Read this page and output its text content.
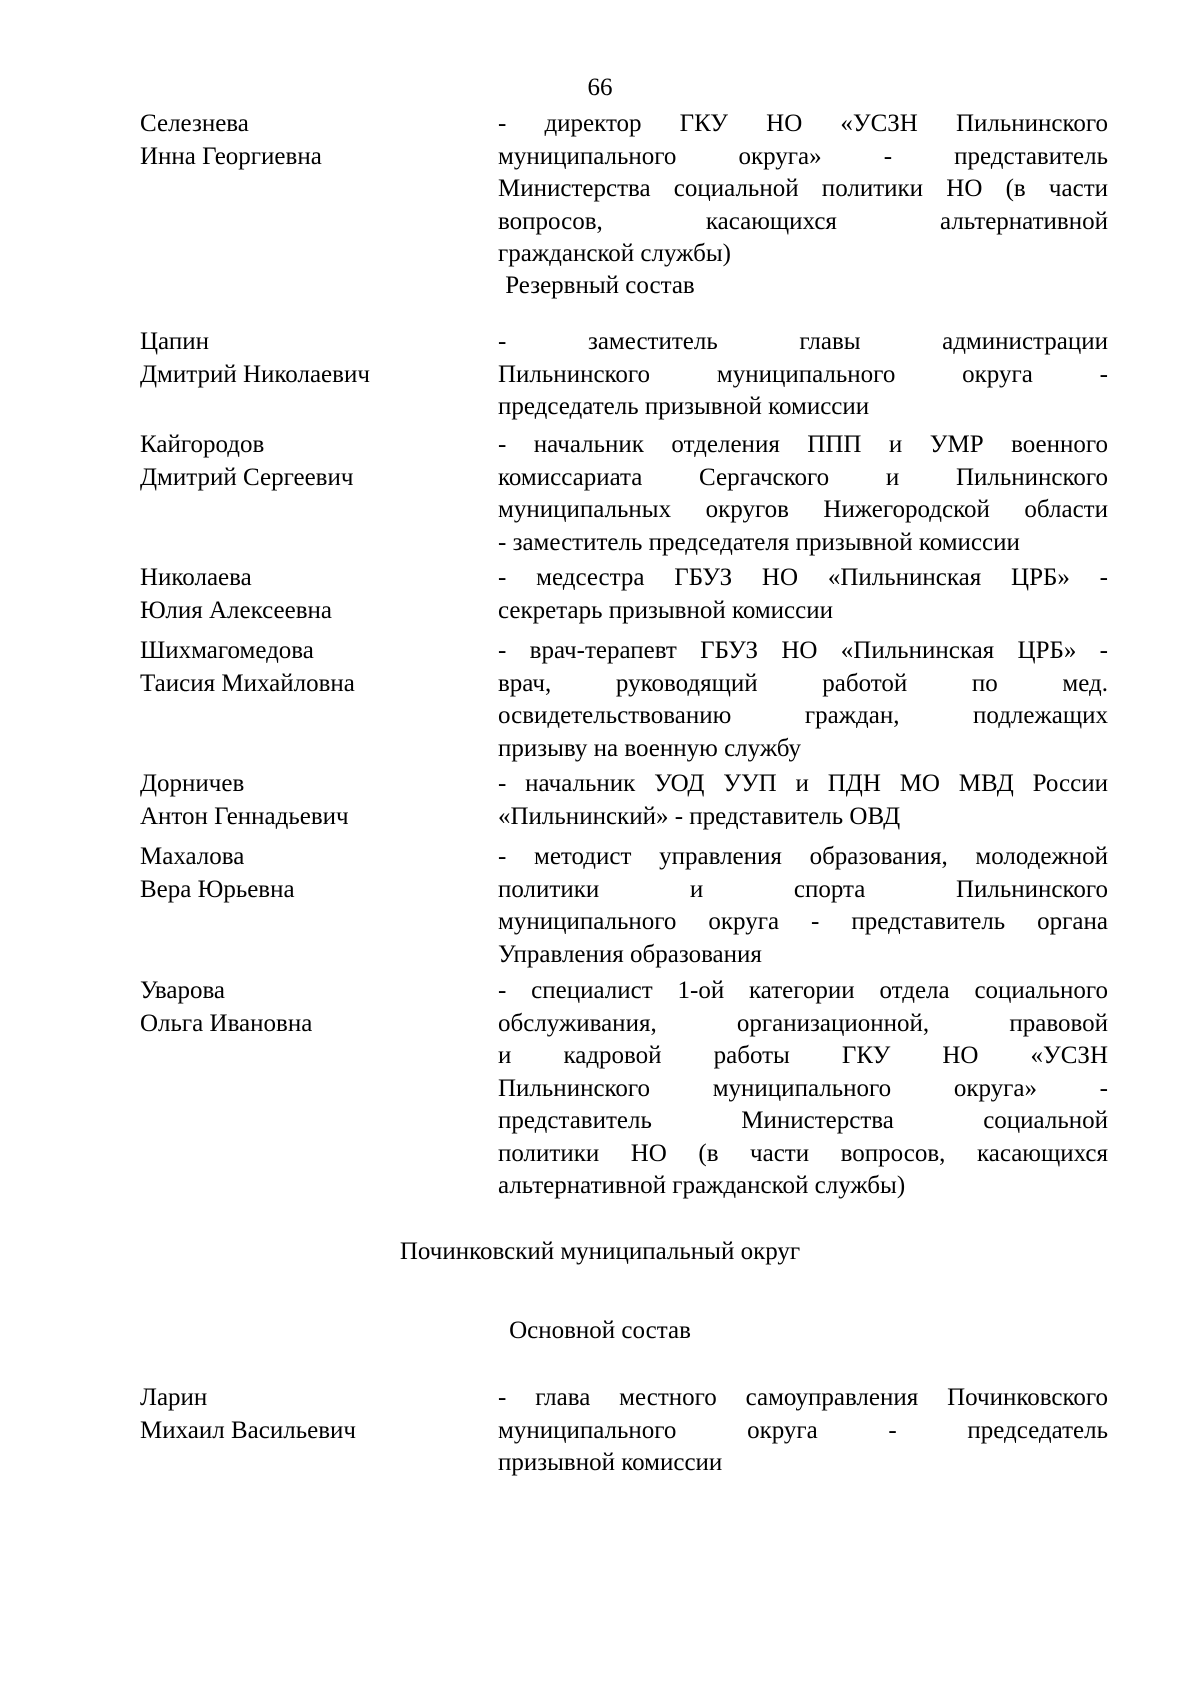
66
Селезнева
Инна Георгиевна
- директор ГКУ НО «УСЗН Пильнинского
муниципального округа» - представитель
Министерства социальной политики НО (в части
вопросов, касающихся альтернативной
гражданской службы)
Резервный состав
Цапин
Дмитрий Николаевич
- заместитель главы администрации
Пильнинского муниципального округа -
председатель призывной комиссии
Кайгородов
Дмитрий Сергеевич
- начальник отделения ППП и УМР военного
комиссариата Сергачского и Пильнинского
муниципальных округов Нижегородской области
- заместитель председателя призывной комиссии
Николаева
Юлия Алексеевна
- медсестра ГБУЗ НО «Пильнинская ЦРБ» -
секретарь призывной комиссии
Шихмагомедова
Таисия Михайловна
- врач-терапевт ГБУЗ НО «Пильнинская ЦРБ» -
врач, руководящий работой по мед.
освидетельствованию граждан, подлежащих
призыву на военную службу
Дорничев
Антон Геннадьевич
- начальник УОД УУП и ПДН МО МВД России
«Пильнинский» - представитель ОВД
Махалова
Вера Юрьевна
- методист управления образования, молодежной
политики и спорта Пильнинского
муниципального округа - представитель органа
Управления образования
Уварова
Ольга Ивановна
- специалист 1-ой категории отдела социального
обслуживания, организационной, правовой
и кадровой работы ГКУ НО «УСЗН
Пильнинского муниципального округа» -
представитель Министерства социальной
политики НО (в части вопросов, касающихся
альтернативной гражданской службы)
Починковский муниципальный округ
Основной состав
Ларин
Михаил Васильевич
- глава местного самоуправления Починковского
муниципального округа - председатель
призывной комиссии
